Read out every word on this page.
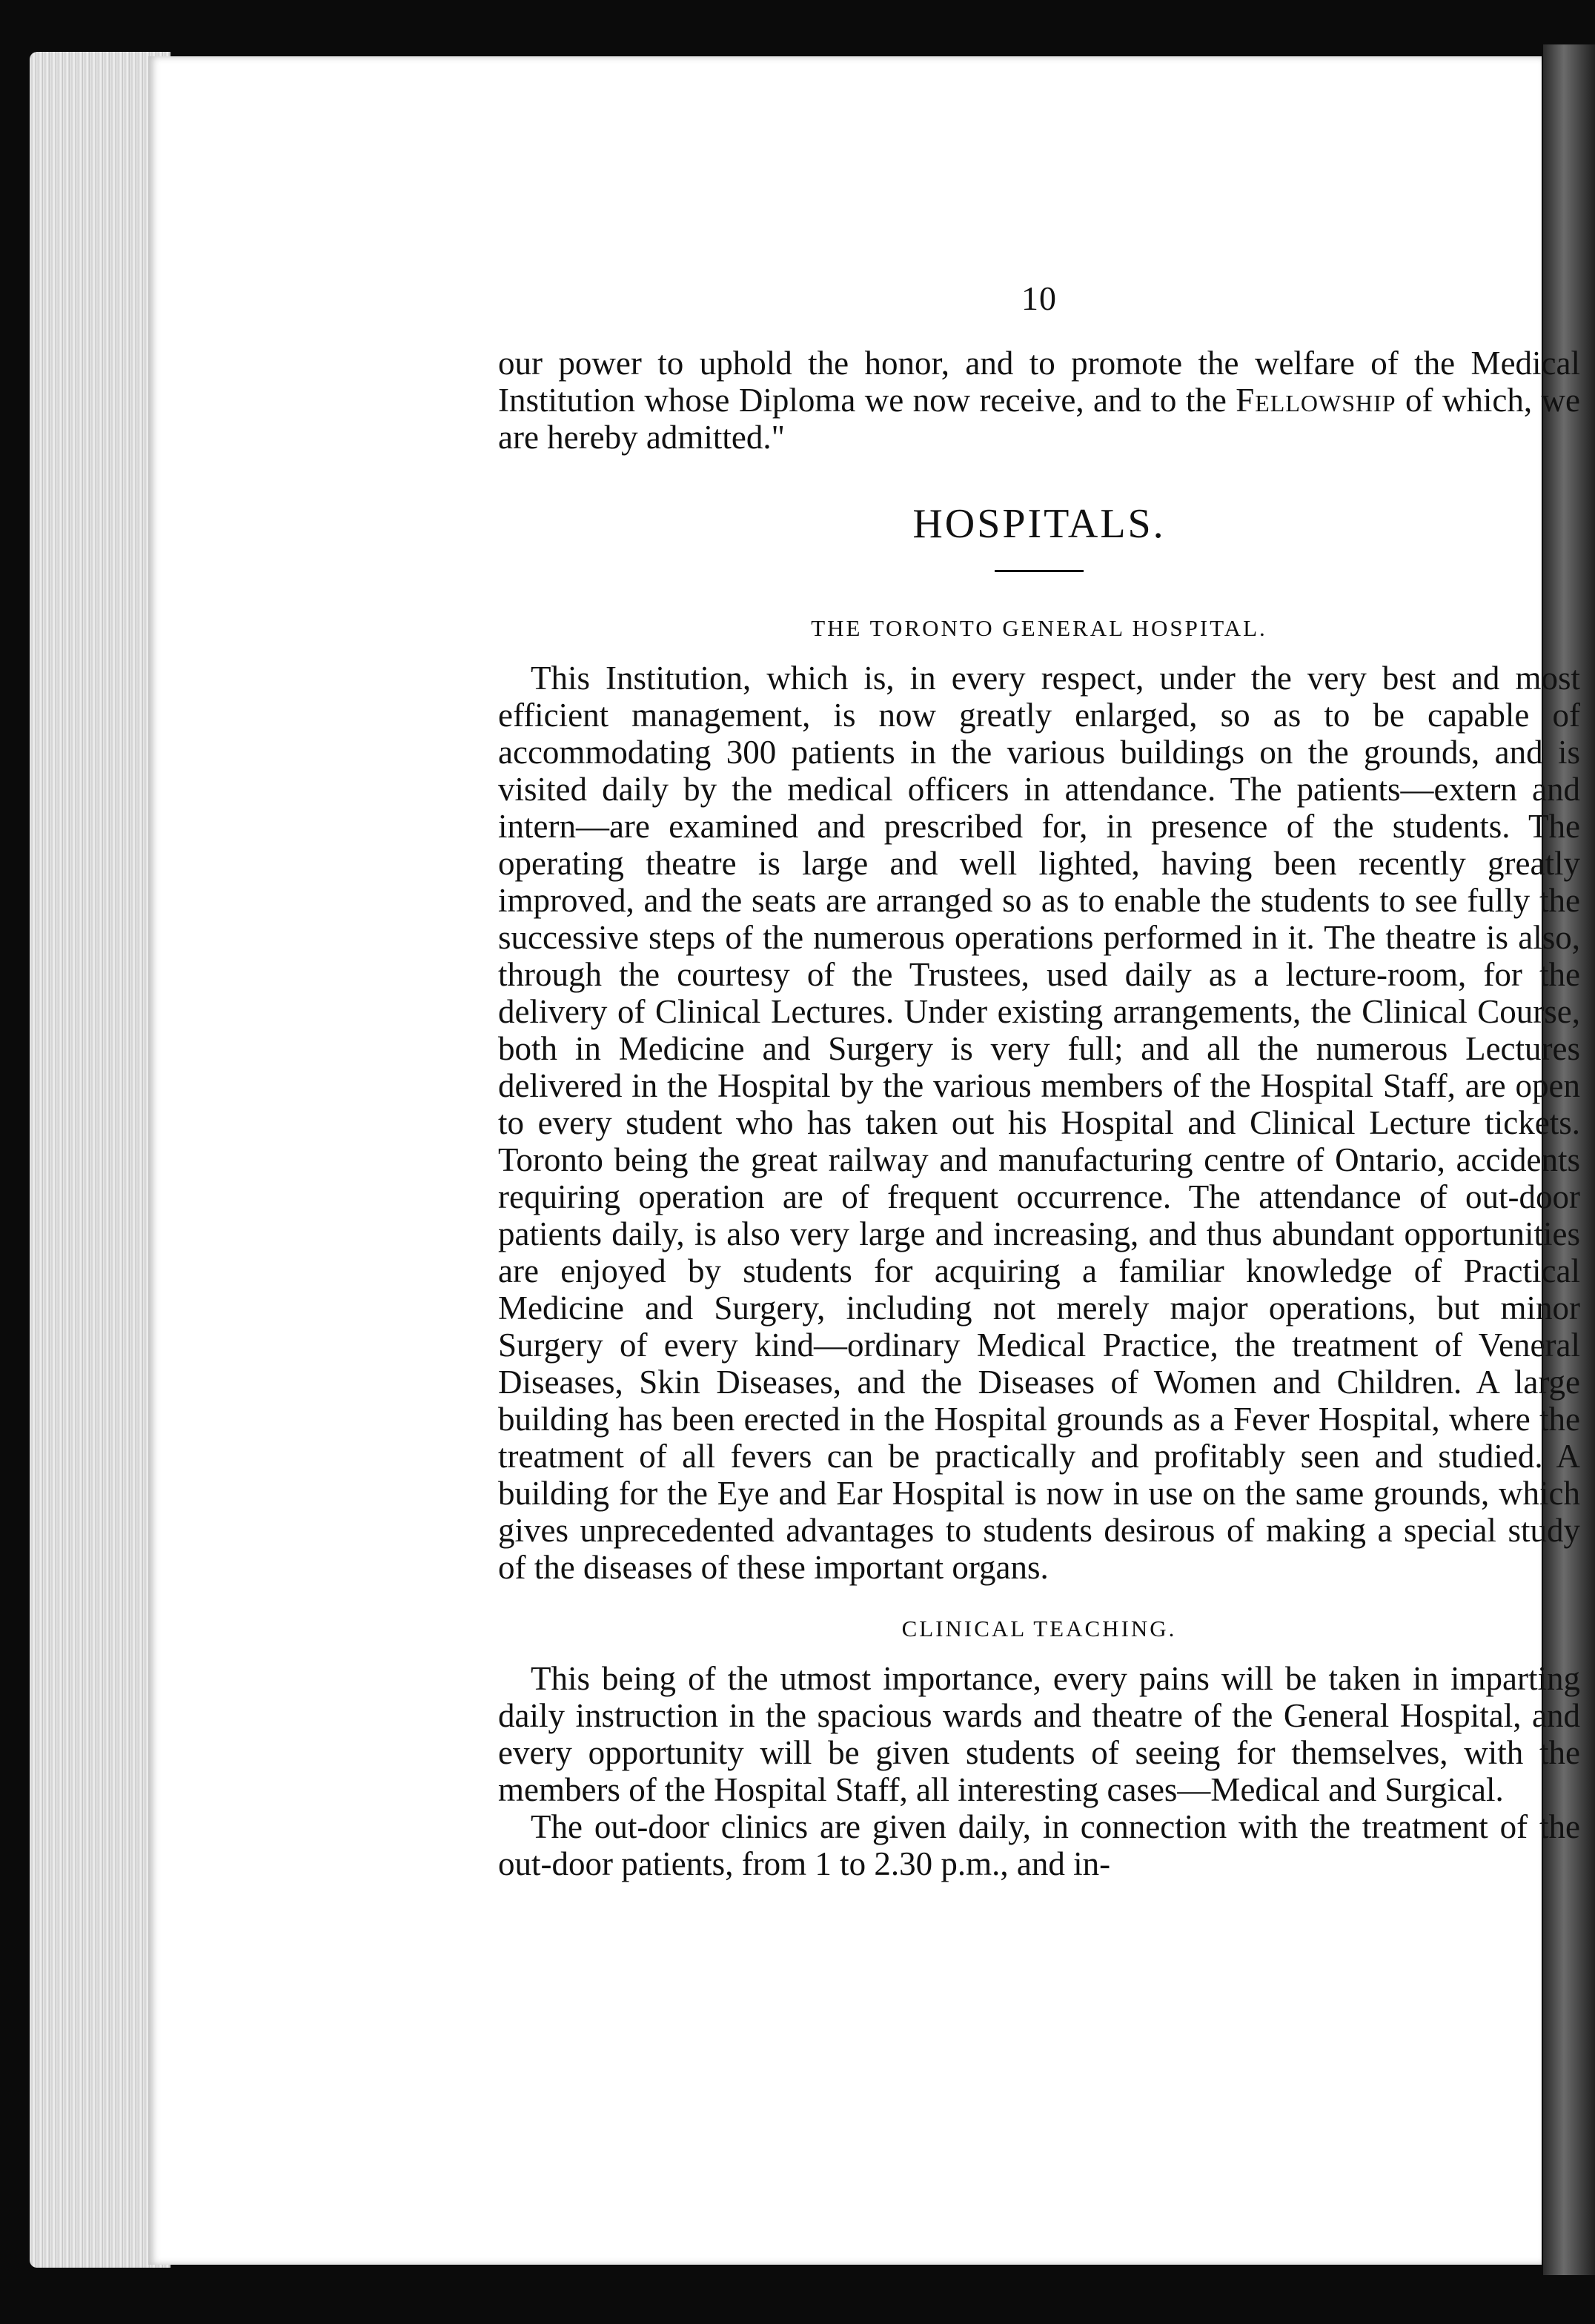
10

our power to uphold the honor, and to promote the welfare of the Medical Institution whose Diploma we now receive, and to the Fellowship of which, we are hereby admitted."

HOSPITALS.
THE TORONTO GENERAL HOSPITAL.

This Institution, which is, in every respect, under the very best and most efficient management, is now greatly enlarged, so as to be capable of accommodating 300 patients in the various buildings on the grounds, and is visited daily by the medical officers in attendance. The patients—extern and intern—are examined and prescribed for, in presence of the students. The operating theatre is large and well lighted, having been recently greatly improved, and the seats are arranged so as to enable the students to see fully the successive steps of the numerous operations performed in it. The theatre is also, through the courtesy of the Trustees, used daily as a lecture-room, for the delivery of Clinical Lectures. Under existing arrangements, the Clinical Course, both in Medicine and Surgery is very full; and all the numerous Lectures delivered in the Hospital by the various members of the Hospital Staff, are open to every student who has taken out his Hospital and Clinical Lecture tickets. Toronto being the great railway and manufacturing centre of Ontario, accidents requiring operation are of frequent occurrence. The attendance of out-door patients daily, is also very large and increasing, and thus abundant opportunities are enjoyed by students for acquiring a familiar knowledge of Practical Medicine and Surgery, including not merely major operations, but minor Surgery of every kind—ordinary Medical Practice, the treatment of Veneral Diseases, Skin Diseases, and the Diseases of Women and Children. A large building has been erected in the Hospital grounds as a Fever Hospital, where the treatment of all fevers can be practically and profitably seen and studied. A building for the Eye and Ear Hospital is now in use on the same grounds, which gives unprecedented advantages to students desirous of making a special study of the diseases of these important organs.

CLINICAL TEACHING.

This being of the utmost importance, every pains will be taken in imparting daily instruction in the spacious wards and theatre of the General Hospital, and every opportunity will be given students of seeing for themselves, with the members of the Hospital Staff, all interesting cases—Medical and Surgical.

The out-door clinics are given daily, in connection with the treatment of the out-door patients, from 1 to 2.30 p.m., and in-
